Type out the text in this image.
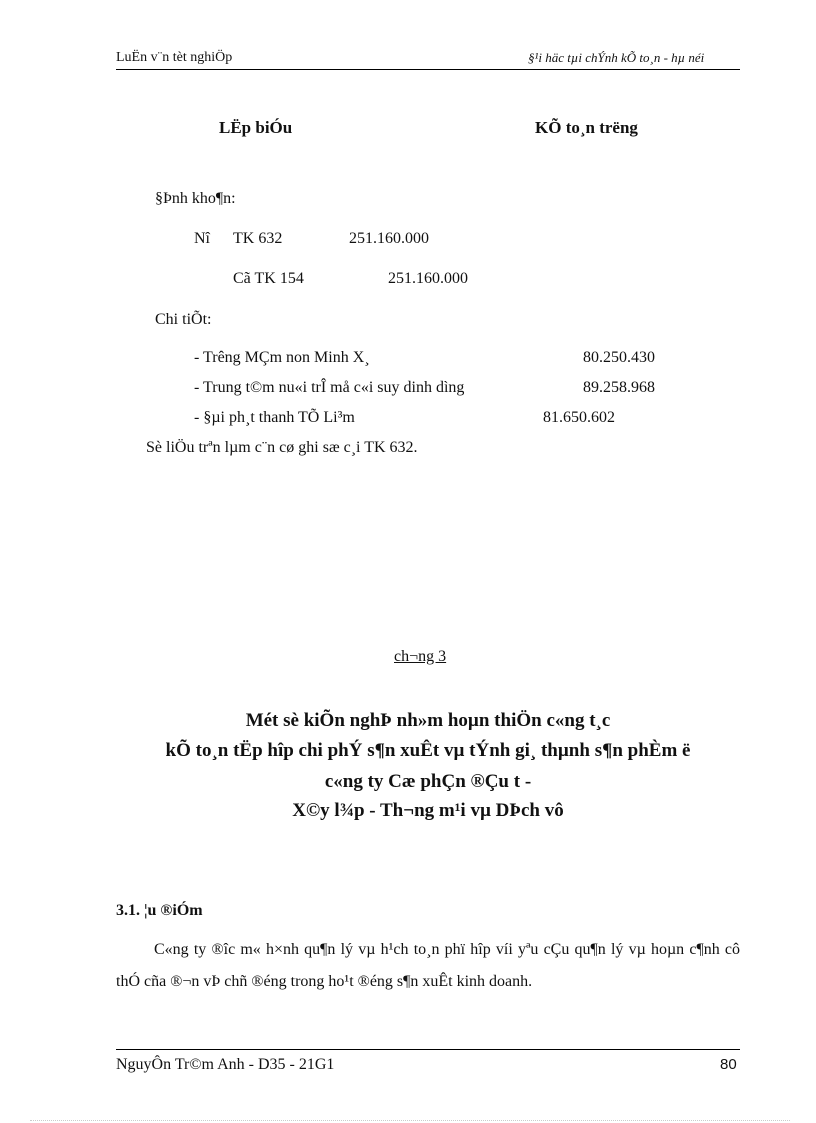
LuËn v¨n tèt nghiÖp	§¹i häc tµi chÝnh kÕ to¸n - hµ néi
LËp biÓu	KÕ to¸n trëng
§Þnh kho¶n:
Nî TK 632	251.160.000
Cã TK 154	251.160.000
Chi tiÕt:
- Trêng MÇm non Minh X¸	80.250.430
- Trung t©m nu«i trÎ må c«i suy dinh dìng	89.258.968
- §µi ph¸t thanh TÕ Li³m	81.650.602
Sè liÖu trªn lµm c¨n cø ghi sæ c¸i TK 632.
ch¬ng 3
Mét sè kiÕn nghÞ nh»m hoµn thiÖn c«ng t¸c
kÕ to¸n tËp hîp chi phÝ s¶n xuÊt vµ tÝnh gi¸ thµnh s¶n phÈm ë
c«ng ty Cæ phÇn ®Çu t -
X©y l¾p - Th¬ng m¹i vµ DÞch vô
3.1. ¦u ®iÓm
C«ng ty ®îc m« h×nh qu¶n lý vµ h¹ch to¸n phï hîp víi yªu cÇu qu¶n lý vµ hoµn c¶nh cô thÓ cña ®¬n vÞ chñ ®éng trong ho¹t ®éng s¶n xuÊt kinh doanh.
NguyÔn Tr©m Anh - D35 - 21G1	80
